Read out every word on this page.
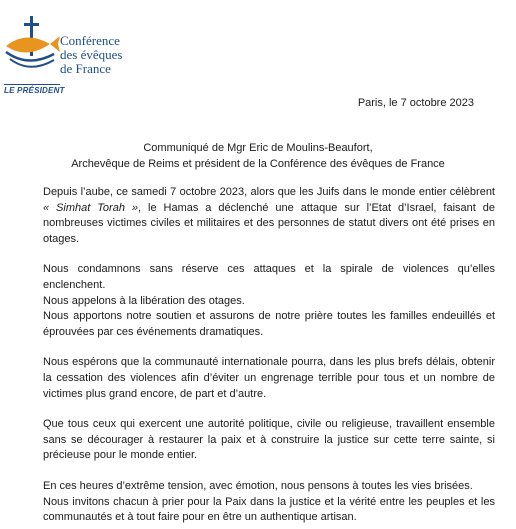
Conférence
des évêques
de France
LE PRÉSIDENT
Paris, le 7 octobre 2023
Communiqué de Mgr Eric de Moulins-Beaufort,
Archevêque de Reims et président de la Conférence des évêques de France

Depuis l’aube, ce samedi 7 octobre 2023, alors que les Juifs dans le monde entier célèbrent « Simhat Torah », le Hamas a déclenché une attaque sur l’Etat d’Israel, faisant de nombreuses victimes civiles et militaires et des personnes de statut divers ont été prises en otages.

Nous condamnons sans réserve ces attaques et la spirale de violences qu’elles enclenchent.
Nous appelons à la libération des otages.
Nous apportons notre soutien et assurons de notre prière toutes les familles endeuillés et éprouvées par ces événements dramatiques.

Nous espérons que la communauté internationale pourra, dans les plus brefs délais, obtenir la cessation des violences afin d’éviter un engrenage terrible pour tous et un nombre de victimes plus grand encore, de part et d’autre.

Que tous ceux qui exercent une autorité politique, civile ou religieuse, travaillent ensemble sans se décourager à restaurer la paix et à construire la justice sur cette terre sainte, si précieuse pour le monde entier.

En ces heures d’extrême tension, avec émotion, nous pensons à toutes les vies brisées.
Nous invitons chacun à prier pour la Paix dans la justice et la vérité entre les peuples et les communautés et à tout faire pour en être un authentique artisan.
